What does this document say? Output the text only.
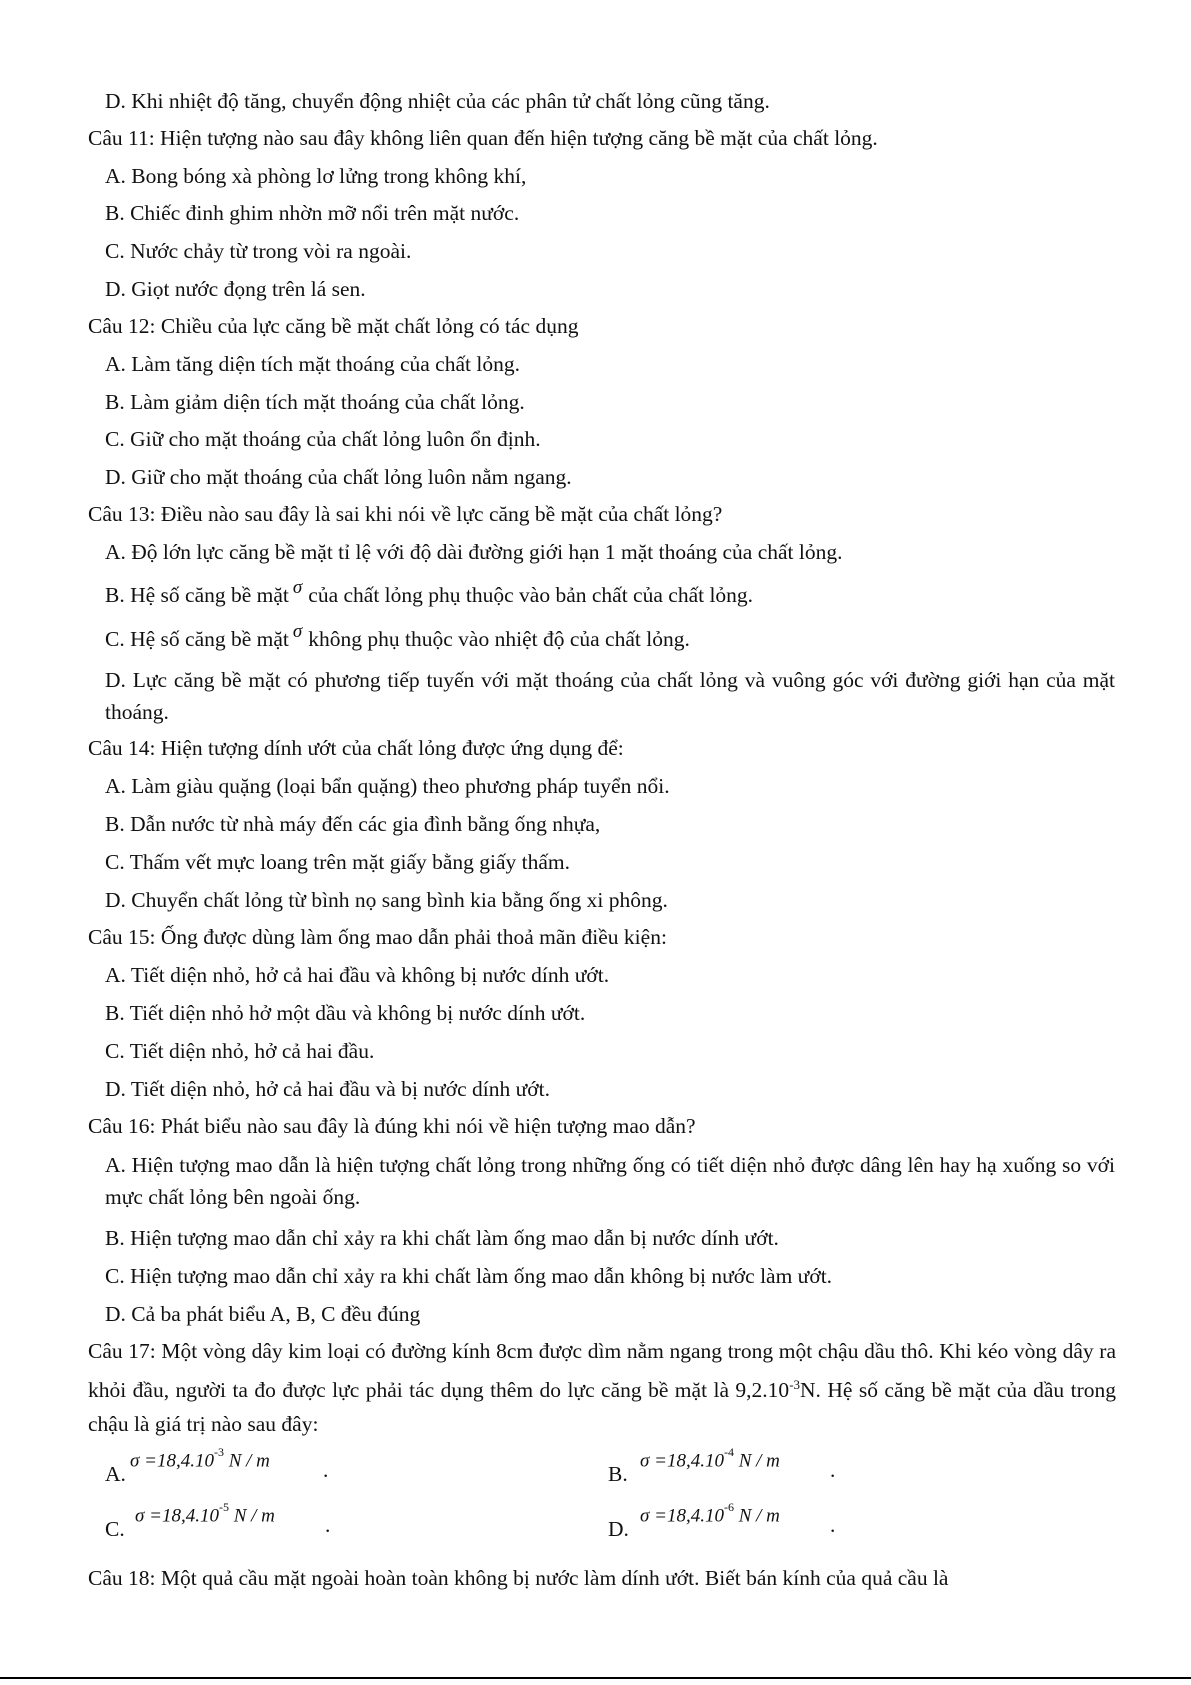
D. Khi nhiệt độ tăng, chuyển động nhiệt của các phân tử chất lỏng cũng tăng.
Câu 11: Hiện tượng nào sau đây không liên quan đến hiện tượng căng bề mặt của chất lỏng.
A. Bong bóng xà phòng lơ lửng trong không khí,
B. Chiếc đinh ghim nhờn mỡ nổi trên mặt nước.
C. Nước chảy từ trong vòi ra ngoài.
D. Giọt nước đọng trên lá sen.
Câu 12: Chiều của lực căng bề mặt chất lỏng có tác dụng
A. Làm tăng diện tích mặt thoáng của chất lỏng.
B. Làm giảm diện tích mặt thoáng của chất lỏng.
C. Giữ cho mặt thoáng của chất lỏng luôn ổn định.
D. Giữ cho mặt thoáng của chất lỏng luôn nằm ngang.
Câu 13: Điều nào sau đây là sai khi nói về lực căng bề mặt của chất lỏng?
A. Độ lớn lực căng bề mặt tỉ lệ với độ dài đường giới hạn 1 mặt thoáng của chất lỏng.
B. Hệ số căng bề mặt σ của chất lỏng phụ thuộc vào bản chất của chất lỏng.
C. Hệ số căng bề mặt σ không phụ thuộc vào nhiệt độ của chất lỏng.
D. Lực căng bề mặt có phương tiếp tuyến với mặt thoáng của chất lỏng và vuông góc với đường giới hạn của mặt thoáng.
Câu 14: Hiện tượng dính ướt của chất lỏng được ứng dụng để:
A. Làm giàu quặng (loại bẩn quặng) theo phương pháp tuyển nổi.
B. Dẫn nước từ nhà máy đến các gia đình bằng ống nhựa,
C. Thấm vết mực loang trên mặt giấy bằng giấy thấm.
D. Chuyển chất lỏng từ bình nọ sang bình kia bằng ống xi phông.
Câu 15: Ống được dùng làm ống mao dẫn phải thoả mãn điều kiện:
A. Tiết diện nhỏ, hở cả hai đầu và không bị nước dính ướt.
B. Tiết diện nhỏ hở một dầu và không bị nước dính ướt.
C. Tiết diện nhỏ, hở cả hai đầu.
D. Tiết diện nhỏ, hở cả hai đầu và bị nước dính ướt.
Câu 16: Phát biểu nào sau đây là đúng khi nói về hiện tượng mao dẫn?
A. Hiện tượng mao dẫn là hiện tượng chất lỏng trong những ống có tiết diện nhỏ được dâng lên hay hạ xuống so với mực chất lỏng bên ngoài ống.
B. Hiện tượng mao dẫn chỉ xảy ra khi chất làm ống mao dẫn bị nước dính ướt.
C. Hiện tượng mao dẫn chỉ xảy ra khi chất làm ống mao dẫn không bị nước làm ướt.
D. Cả ba phát biểu A, B, C đều đúng
Câu 17: Một vòng dây kim loại có đường kính 8cm được dìm nằm ngang trong một chậu dầu thô. Khi kéo vòng dây ra khỏi đầu, người ta đo được lực phải tác dụng thêm do lực căng bề mặt là $9,2.10^{-3}N$. Hệ số căng bề mặt của dầu trong chậu là giá trị nào sau đây:
A.
$\sigma =18,4.10^{-3}$ N / m .	B.
$\sigma =18,4.10^{-4}$ N / m .
C.
$\sigma =18,4.10^{-5}$ N / m .	D.
$\sigma =18,4.10^{-6}$ N / m .
Câu 18: Một quả cầu mặt ngoài hoàn toàn không bị nước làm dính ướt. Biết bán kính của quả cầu là
